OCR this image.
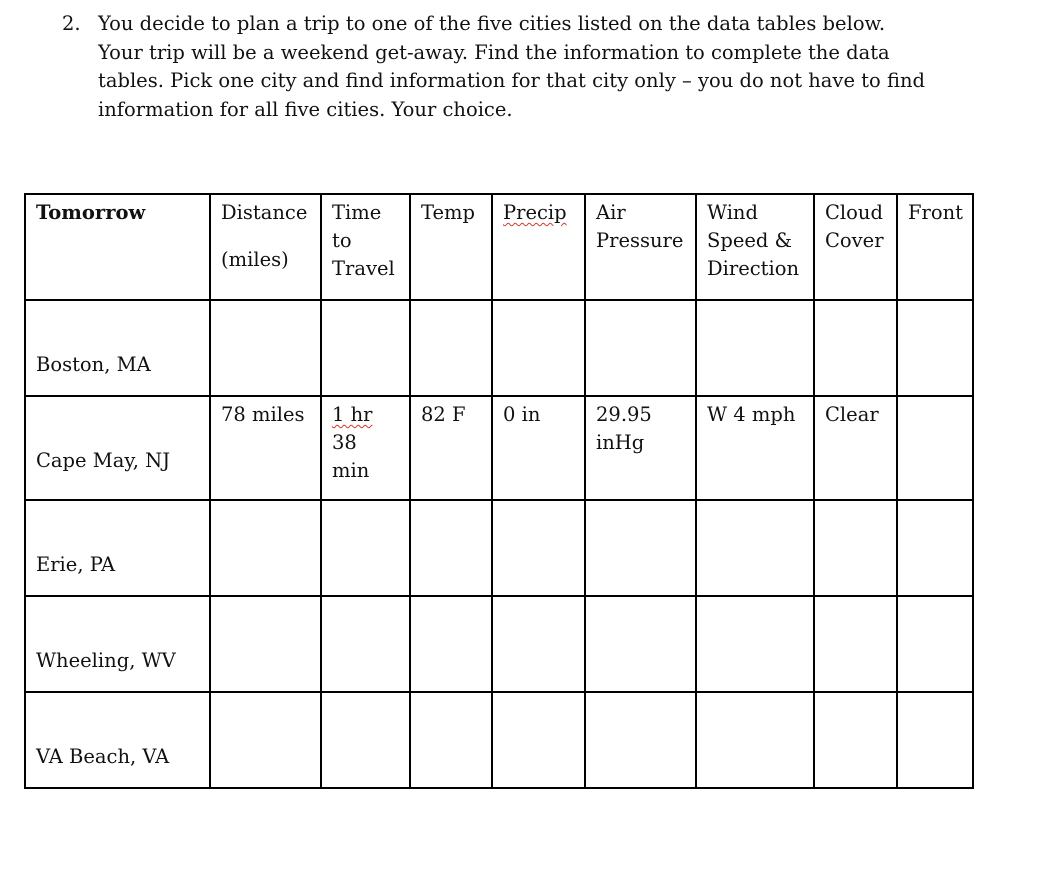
2. You decide to plan a trip to one of the five cities listed on the data tables below.
Your trip will be a weekend get-away. Find the information to complete the data
tables. Pick one city and find information for that city only – you do not have to find
information for all five cities. Your choice.

Tomorrow	Distance
(miles)	Time
to
Travel	Temp	Precip	Air
Pressure	Wind
Speed &
Direction	Cloud
Cover	Front

Boston, MA								

Cape May, NJ	78 miles	1 hr
38
min	82 F	0 in	29.95
inHg	W 4 mph	Clear	

Erie, PA								

Wheeling, WV								

VA Beach, VA								
